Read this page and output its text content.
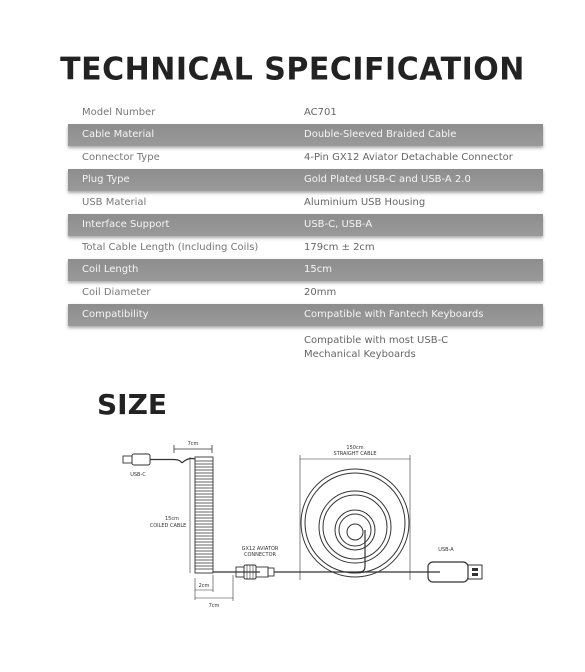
TECHNICAL SPECIFICATION
Model Number	AC701
Cable Material	Double-Sleeved Braided Cable
Connector Type	4-Pin GX12 Aviator Detachable Connector
Plug Type	Gold Plated USB-C and USB-A 2.0
USB Material	Aluminium USB Housing
Interface Support	USB-C, USB-A
Total Cable Length (Including Coils)	179cm ± 2cm
Coil Length	15cm
Coil Diameter	20mm
Compatibility	Compatible with Fantech Keyboards
Compatible with most USB-C
Mechanical Keyboards
SIZE
7cm
USB-C
15cm
COILED CABLE
2cm
7cm
GX12 AVIATOR
CONNECTOR
150cm
STRAIGHT CABLE
USB-A
